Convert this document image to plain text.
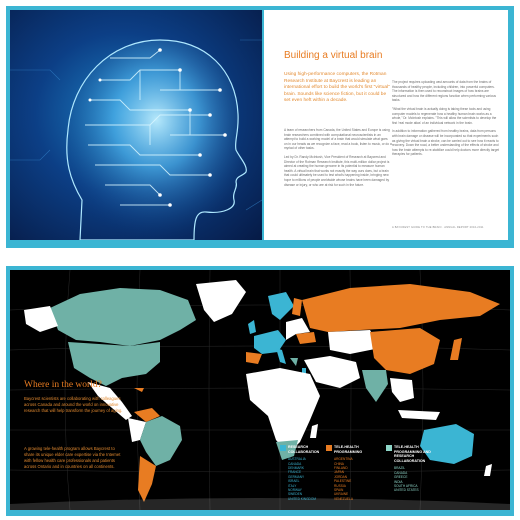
Building a virtual brain
Using high-performance computers, the Rotman Research Institute at Baycrest is leading an international effort to build the world's first "virtual" brain. Sounds like science fiction, but it could be set even heft within a decade.

A team of researchers from Canada, the United States and Europe is using brain researchers combined with computational neuroscientists in an attempt to build a working model of a brain that would simulate what goes on in our heads as we recognize a face, read a book, listen to music, or do a myriad of other tasks.

Led by Dr. Randy McIntosh, Vice President of Research at Baycrest and Director of the Rotman Research Institute, this multi-million dollar project is aimed at creating the human genome in its potential to measure human health. A virtual brain that works not exactly the way ours does, but a brain that could ultimately be used to test what's happening inside, bringing new hope to millions of people worldwide whose brains have been damaged by disease or injury, or who are at risk for such in the future.

The project requires uploading vast amounts of data from the brains of thousands of healthy people, including children, into powerful computers. The information is then used to reconstruct images of how brains are structured and how the different regions function when performing various tasks.

"What the virtual brain is actually doing is taking these tools and using computer models to regenerate how a healthy human brain works as a whole," Dr. McIntosh explains. "This will allow the scientists to develop the first 'real mode atlas' of an individual network in the brain.

In addition to information gathered from healthy brains, data from persons with brain damage or disease will be incorporated so that experiments such as giving the virtual brain a stroke, can be carried out to see how it reacts to recovery. Down the road, a better understanding of the effects of stroke and how the brain attempts to re-stabilize could help doctors more directly target therapies for patients.

A BAYCREST GUIDE TO THE BRAIN · ANNUAL REPORT 2010-2011
Where in the world?
Baycrest scientists are collaborating with colleagues across Canada and around the world on innovative research that will help transform the journey of aging.
A growing tele-health program allows Baycrest to share its unique elder care expertise via the Internet with fellow health care professionals and patients across Ontario and in countries on all continents.
RESEARCH COLLABORATION
AUSTRALIA
CANADA
DENMARK
FRANCE
GERMANY
ISRAEL
ITALY
NORWAY
SWEDEN
UNITED KINGDOM
TELE-HEALTH PROGRAMMING
ARGENTINA
CHINA
FINLAND
JAPAN
JORDAN
PALESTINE
RUSSIA
SPAIN
UKRAINE
VENEZUELA
TELE-HEALTH PROGRAMMING AND RESEARCH COLLABORATION
BRAZIL
CANADA
GREECE
INDIA
SOUTH AFRICA
UNITED STATES
